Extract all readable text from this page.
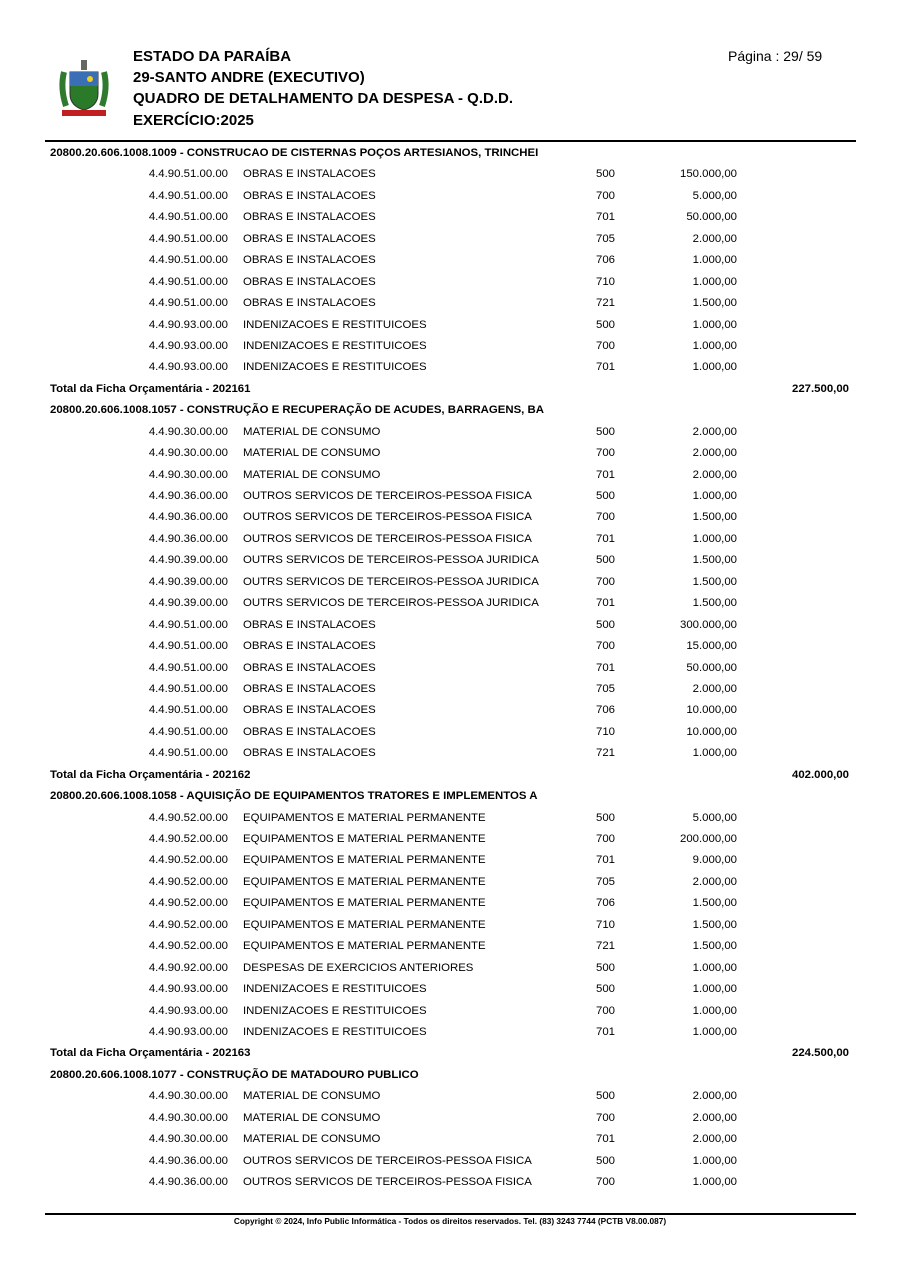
ESTADO DA PARAÍBA
29-SANTO ANDRE (EXECUTIVO)
QUADRO DE DETALHAMENTO DA DESPESA - Q.D.D.
EXERCÍCIO:2025
Página : 29/ 59
20800.20.606.1008.1009 - CONSTRUCAO DE CISTERNAS POÇOS ARTESIANOS, TRINCHEI
4.4.90.51.00.00 OBRAS E INSTALACOES	500	150.000,00
4.4.90.51.00.00 OBRAS E INSTALACOES	700	5.000,00
4.4.90.51.00.00 OBRAS E INSTALACOES	701	50.000,00
4.4.90.51.00.00 OBRAS E INSTALACOES	705	2.000,00
4.4.90.51.00.00 OBRAS E INSTALACOES	706	1.000,00
4.4.90.51.00.00 OBRAS E INSTALACOES	710	1.000,00
4.4.90.51.00.00 OBRAS E INSTALACOES	721	1.500,00
4.4.90.93.00.00 INDENIZACOES E RESTITUICOES	500	1.000,00
4.4.90.93.00.00 INDENIZACOES E RESTITUICOES	700	1.000,00
4.4.90.93.00.00 INDENIZACOES E RESTITUICOES	701	1.000,00
Total da Ficha Orçamentária - 202161	227.500,00
20800.20.606.1008.1057 - CONSTRUÇÃO E RECUPERAÇÃO DE ACUDES, BARRAGENS, BA
4.4.90.30.00.00 MATERIAL DE CONSUMO	500	2.000,00
4.4.90.30.00.00 MATERIAL DE CONSUMO	700	2.000,00
4.4.90.30.00.00 MATERIAL DE CONSUMO	701	2.000,00
4.4.90.36.00.00 OUTROS SERVICOS DE TERCEIROS-PESSOA FISICA	500	1.000,00
4.4.90.36.00.00 OUTROS SERVICOS DE TERCEIROS-PESSOA FISICA	700	1.500,00
4.4.90.36.00.00 OUTROS SERVICOS DE TERCEIROS-PESSOA FISICA	701	1.000,00
4.4.90.39.00.00 OUTRS SERVICOS DE TERCEIROS-PESSOA JURIDICA	500	1.500,00
4.4.90.39.00.00 OUTRS SERVICOS DE TERCEIROS-PESSOA JURIDICA	700	1.500,00
4.4.90.39.00.00 OUTRS SERVICOS DE TERCEIROS-PESSOA JURIDICA	701	1.500,00
4.4.90.51.00.00 OBRAS E INSTALACOES	500	300.000,00
4.4.90.51.00.00 OBRAS E INSTALACOES	700	15.000,00
4.4.90.51.00.00 OBRAS E INSTALACOES	701	50.000,00
4.4.90.51.00.00 OBRAS E INSTALACOES	705	2.000,00
4.4.90.51.00.00 OBRAS E INSTALACOES	706	10.000,00
4.4.90.51.00.00 OBRAS E INSTALACOES	710	10.000,00
4.4.90.51.00.00 OBRAS E INSTALACOES	721	1.000,00
Total da Ficha Orçamentária - 202162	402.000,00
20800.20.606.1008.1058 - AQUISIÇÃO DE EQUIPAMENTOS TRATORES E IMPLEMENTOS A
4.4.90.52.00.00 EQUIPAMENTOS E MATERIAL PERMANENTE	500	5.000,00
4.4.90.52.00.00 EQUIPAMENTOS E MATERIAL PERMANENTE	700	200.000,00
4.4.90.52.00.00 EQUIPAMENTOS E MATERIAL PERMANENTE	701	9.000,00
4.4.90.52.00.00 EQUIPAMENTOS E MATERIAL PERMANENTE	705	2.000,00
4.4.90.52.00.00 EQUIPAMENTOS E MATERIAL PERMANENTE	706	1.500,00
4.4.90.52.00.00 EQUIPAMENTOS E MATERIAL PERMANENTE	710	1.500,00
4.4.90.52.00.00 EQUIPAMENTOS E MATERIAL PERMANENTE	721	1.500,00
4.4.90.92.00.00 DESPESAS DE EXERCICIOS ANTERIORES	500	1.000,00
4.4.90.93.00.00 INDENIZACOES E RESTITUICOES	500	1.000,00
4.4.90.93.00.00 INDENIZACOES E RESTITUICOES	700	1.000,00
4.4.90.93.00.00 INDENIZACOES E RESTITUICOES	701	1.000,00
Total da Ficha Orçamentária - 202163	224.500,00
20800.20.606.1008.1077 - CONSTRUÇÃO DE MATADOURO PUBLICO
4.4.90.30.00.00 MATERIAL DE CONSUMO	500	2.000,00
4.4.90.30.00.00 MATERIAL DE CONSUMO	700	2.000,00
4.4.90.30.00.00 MATERIAL DE CONSUMO	701	2.000,00
4.4.90.36.00.00 OUTROS SERVICOS DE TERCEIROS-PESSOA FISICA	500	1.000,00
4.4.90.36.00.00 OUTROS SERVICOS DE TERCEIROS-PESSOA FISICA	700	1.000,00
Copyright © 2024, Info Public Informática - Todos os direitos reservados. Tel. (83) 3243 7744 (PCTB V8.00.087)
